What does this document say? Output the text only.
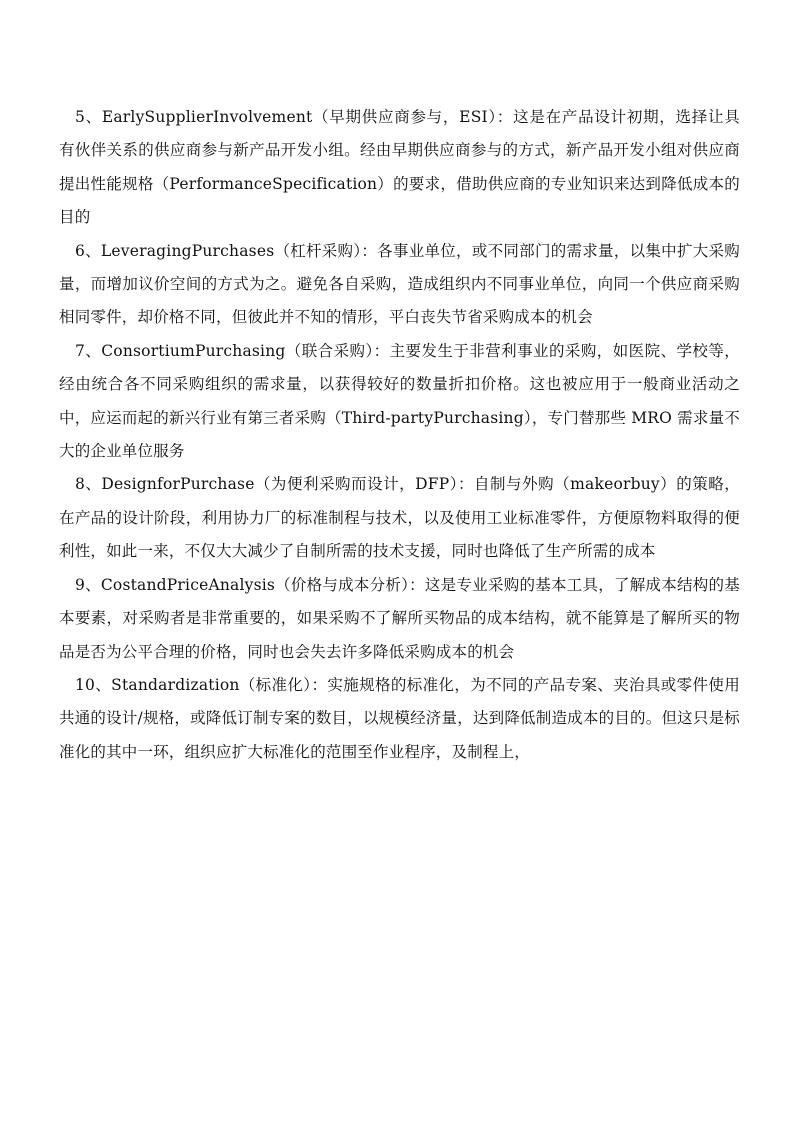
5、EarlySupplierInvolvement（早期供应商参与，ESI）：这是在产品设计初期，选择让具有伙伴关系的供应商参与新产品开发小组。经由早期供应商参与的方式，新产品开发小组对供应商提出性能规格（PerformanceSpecification）的要求，借助供应商的专业知识来达到降低成本的目的

6、LeveragingPurchases（杠杆采购）：各事业单位，或不同部门的需求量，以集中扩大采购量，而增加议价空间的方式为之。避免各自采购，造成组织内不同事业单位，向同一个供应商采购相同零件，却价格不同，但彼此并不知的情形，平白丧失节省采购成本的机会

7、ConsortiumPurchasing（联合采购）：主要发生于非营利事业的采购，如医院、学校等，经由统合各不同采购组织的需求量，以获得较好的数量折扣价格。这也被应用于一般商业活动之中，应运而起的新兴行业有第三者采购（Third-partyPurchasing），专门替那些 MRO 需求量不大的企业单位服务

8、DesignforPurchase（为便利采购而设计，DFP）：自制与外购（makeorbuy）的策略，在产品的设计阶段，利用协力厂的标准制程与技术，以及使用工业标准零件，方便原物料取得的便利性，如此一来，不仅大大减少了自制所需的技术支援，同时也降低了生产所需的成本

9、CostandPriceAnalysis（价格与成本分析）：这是专业采购的基本工具，了解成本结构的基本要素，对采购者是非常重要的，如果采购不了解所买物品的成本结构，就不能算是了解所买的物品是否为公平合理的价格，同时也会失去许多降低采购成本的机会

10、Standardization（标准化）：实施规格的标准化，为不同的产品专案、夹治具或零件使用共通的设计/规格，或降低订制专案的数目，以规模经济量，达到降低制造成本的目的。但这只是标准化的其中一环，组织应扩大标准化的范围至作业程序，及制程上，
